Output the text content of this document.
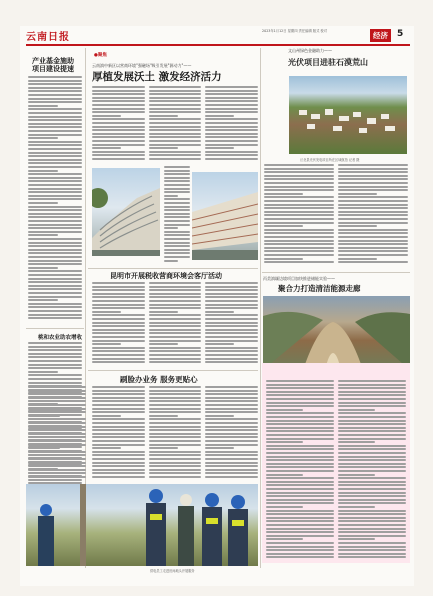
云南日报
2023年1月12日 星期四 责任编辑 版式 校对	经济	5
产业基金施助
项目建设提速
桃和农业助农增收
●聚焦
云南滇中新区以营商环境"强磁场"吸引发展"源动力"——
厚植发展沃土 激发经济活力
文山州绿色金融助力——
光伏项目进驻石漠荒山
丘北县光伏发电项目所在区域航拍 记者 摄
丙美滇缅边境项目加快推进储能实验——
聚合力打造清洁能源走廊
昆明市开展税收营商环境会客厅活动
刷脸办业务 服务更贴心
供电员工走进田间地头开展服务
